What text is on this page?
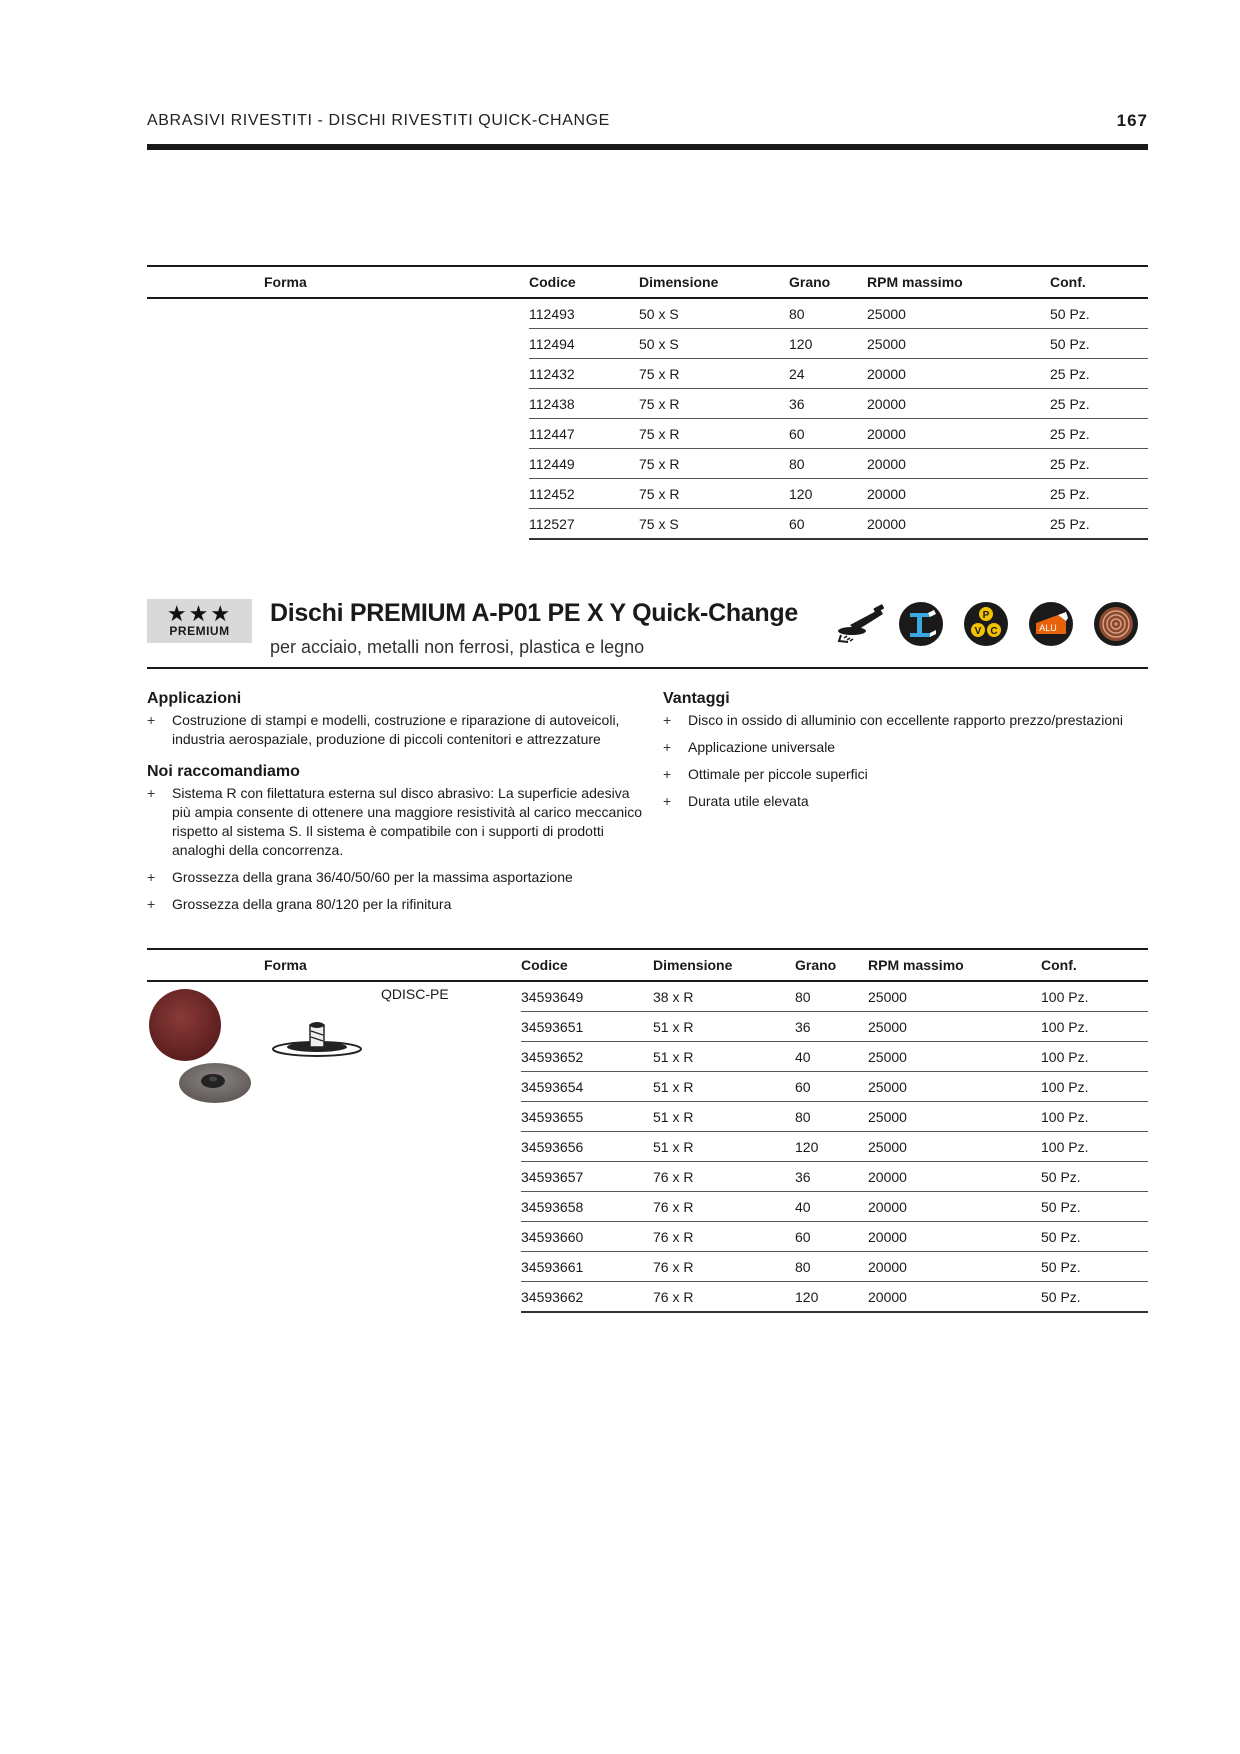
ABRASIVI RIVESTITI - DISCHI RIVESTITI QUICK-CHANGE	167
Forma	Codice	Dimensione	Grano	RPM massimo	Conf.
	112493	50 x S	80	25000	50 Pz.
	112494	50 x S	120	25000	50 Pz.
	112432	75 x R	24	20000	25 Pz.
	112438	75 x R	36	20000	25 Pz.
	112447	75 x R	60	20000	25 Pz.
	112449	75 x R	80	20000	25 Pz.
	112452	75 x R	120	20000	25 Pz.
	112527	75 x S	60	20000	25 Pz.
★★★
PREMIUM
Dischi PREMIUM A-P01 PE X Y Quick-Change
per acciaio, metalli non ferrosi, plastica e legno
P
V C	ALU
Applicazioni
+ Costruzione di stampi e modelli, costruzione e riparazione di autoveicoli, industria aerospaziale, produzione di piccoli contenitori e attrezzature
Noi raccomandiamo
+ Sistema R con filettatura esterna sul disco abrasivo: La superficie adesiva più ampia consente di ottenere una maggiore resistività al carico meccanico rispetto al sistema S. Il sistema è compatibile con i supporti di prodotti analoghi della concorrenza.
+ Grossezza della grana 36/40/50/60 per la massima asportazione
+ Grossezza della grana 80/120 per la rifinitura
Vantaggi
+ Disco in ossido di alluminio con eccellente rapporto prezzo/prestazioni
+ Applicazione universale
+ Ottimale per piccole superfici
+ Durata utile elevata
Forma	Codice	Dimensione	Grano	RPM massimo	Conf.

QDISC-PE	34593649	38 x R	80	25000	100 Pz.
	34593651	51 x R	36	25000	100 Pz.
	34593652	51 x R	40	25000	100 Pz.
	34593654	51 x R	60	25000	100 Pz.
	34593655	51 x R	80	25000	100 Pz.
	34593656	51 x R	120	25000	100 Pz.
	34593657	76 x R	36	20000	50 Pz.
	34593658	76 x R	40	20000	50 Pz.
	34593660	76 x R	60	20000	50 Pz.
	34593661	76 x R	80	20000	50 Pz.
	34593662	76 x R	120	20000	50 Pz.
